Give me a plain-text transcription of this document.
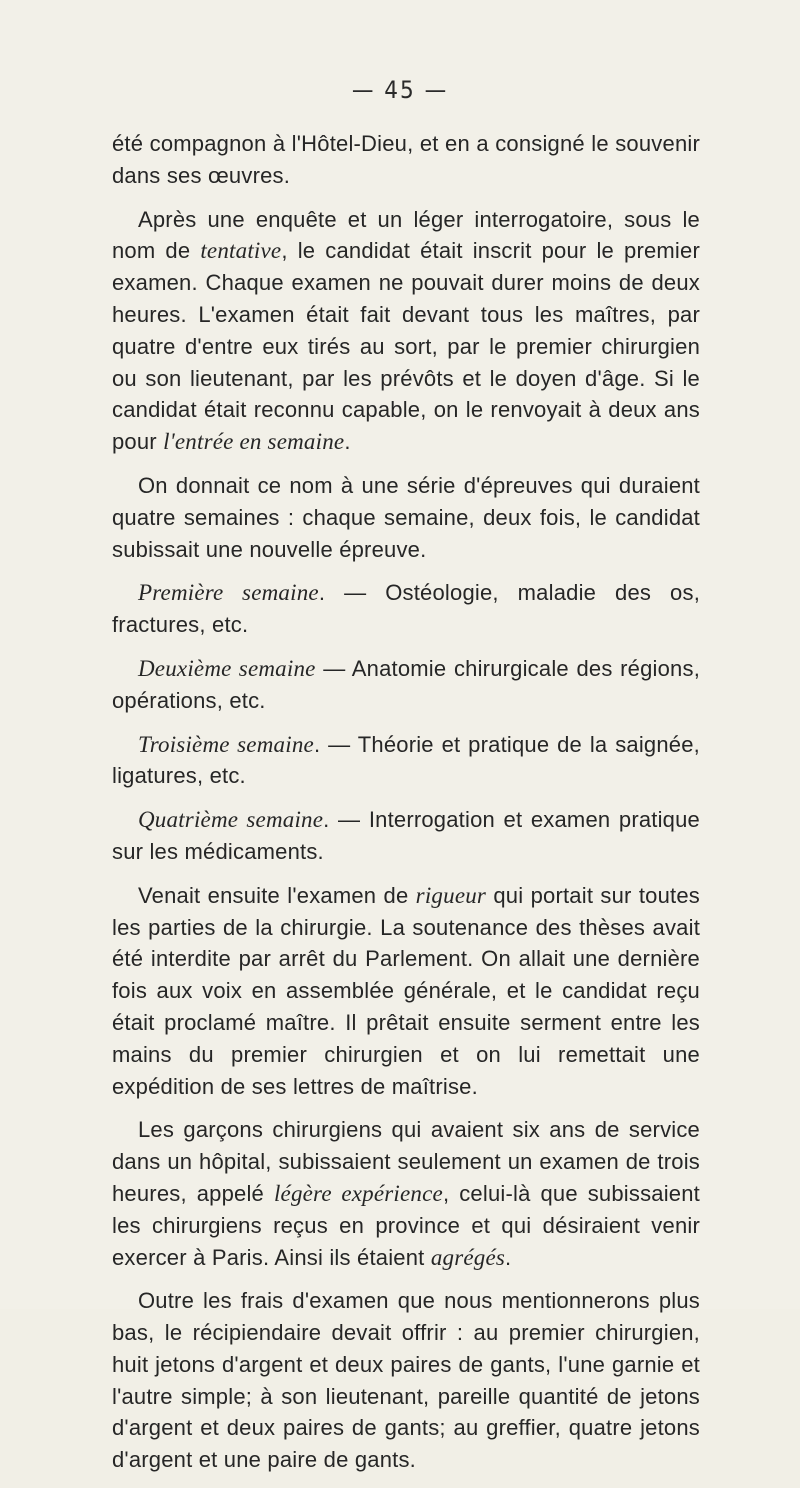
— 45 —

été compagnon à l'Hôtel-Dieu, et en a consigné le souvenir dans ses œuvres.

Après une enquête et un léger interrogatoire, sous le nom de tentative, le candidat était inscrit pour le premier examen. Chaque examen ne pouvait durer moins de deux heures. L'examen était fait devant tous les maîtres, par quatre d'entre eux tirés au sort, par le premier chirurgien ou son lieutenant, par les prévôts et le doyen d'âge. Si le candidat était reconnu capable, on le renvoyait à deux ans pour l'entrée en semaine.

On donnait ce nom à une série d'épreuves qui duraient quatre semaines : chaque semaine, deux fois, le candidat subissait une nouvelle épreuve.

Première semaine. — Ostéologie, maladie des os, fractures, etc.

Deuxième semaine — Anatomie chirurgicale des régions, opérations, etc.

Troisième semaine. — Théorie et pratique de la saignée, ligatures, etc.

Quatrième semaine. — Interrogation et examen pratique sur les médicaments.

Venait ensuite l'examen de rigueur qui portait sur toutes les parties de la chirurgie. La soutenance des thèses avait été interdite par arrêt du Parlement. On allait une dernière fois aux voix en assemblée générale, et le candidat reçu était proclamé maître. Il prêtait ensuite serment entre les mains du premier chirurgien et on lui remettait une expédition de ses lettres de maîtrise.

Les garçons chirurgiens qui avaient six ans de service dans un hôpital, subissaient seulement un examen de trois heures, appelé légère expérience, celui-là que subissaient les chirurgiens reçus en province et qui désiraient venir exercer à Paris. Ainsi ils étaient agrégés.

Outre les frais d'examen que nous mentionnerons plus bas, le récipiendaire devait offrir : au premier chirurgien, huit jetons d'argent et deux paires de gants, l'une garnie et l'autre simple; à son lieutenant, pareille quantité de jetons d'argent et deux paires de gants; au greffier, quatre jetons d'argent et une paire de gants.
